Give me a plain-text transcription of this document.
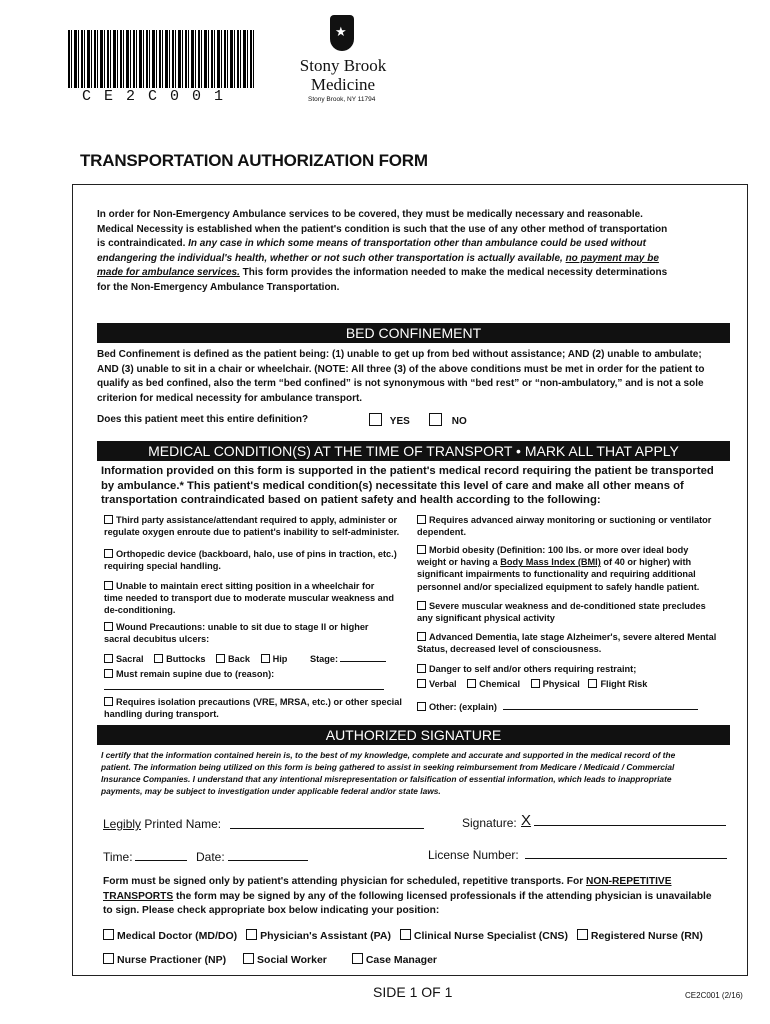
CE2C001
★
Stony Brook
Medicine
Stony Brook, NY 11794
TRANSPORTATION AUTHORIZATION FORM
In order for Non-Emergency Ambulance services to be covered, they must be medically necessary and reasonable. Medical Necessity is established when the patient's condition is such that the use of any other method of transportation is contraindicated. In any case in which some means of transportation other than ambulance could be used without endangering the individual's health, whether or not such other transportation is actually available, no payment may be made for ambulance services. This form provides the information needed to make the medical necessity determinations for the Non-Emergency Ambulance Transportation.
BED CONFINEMENT
Bed Confinement is defined as the patient being: (1) unable to get up from bed without assistance; AND (2) unable to ambulate; AND (3) unable to sit in a chair or wheelchair. (NOTE: All three (3) of the above conditions must be met in order for the patient to qualify as bed confined, also the term “bed confined” is not synonymous with “bed rest” or “non-ambulatory,” and is not a sole criterion for medical necessity for ambulance transport.
Does this patient meet this entire definition?	YES	NO
MEDICAL CONDITION(S) AT THE TIME OF TRANSPORT • MARK ALL THAT APPLY
Information provided on this form is supported in the patient's medical record requiring the patient be transported by ambulance.* This patient's medical condition(s) necessitate this level of care and make all other means of transportation contraindicated based on patient safety and health according to the following:
Third party assistance/attendant required to apply, administer or regulate oxygen enroute due to patient's inability to self-administer.
Orthopedic device (backboard, halo, use of pins in traction, etc.) requiring special handling.
Unable to maintain erect sitting position in a wheelchair for time needed to transport due to moderate muscular weakness and de-conditioning.
Wound Precautions: unable to sit due to stage II or higher sacral decubitus ulcers:
Sacral Buttocks Back Hip Stage:
Must remain supine due to (reason):
Requires isolation precautions (VRE, MRSA, etc.) or other special handling during transport.
Requires advanced airway monitoring or suctioning or ventilator dependent.
Morbid obesity (Definition: 100 lbs. or more over ideal body weight or having a Body Mass Index (BMI) of 40 or higher) with significant impairments to functionality and requiring additional personnel and/or specialized equipment to safely handle patient.
Severe muscular weakness and de-conditioned state precludes any significant physical activity
Advanced Dementia, late stage Alzheimer's, severe altered Mental Status, decreased level of consciousness.
Danger to self and/or others requiring restraint;
Verbal Chemical Physical Flight Risk
Other: (explain)
AUTHORIZED SIGNATURE
I certify that the information contained herein is, to the best of my knowledge, complete and accurate and supported in the medical record of the patient. The information being utilized on this form is being gathered to assist in seeking reimbursement from Medicare / Medicaid / Commercial Insurance Companies. I understand that any intentional misrepresentation or falsification of essential information, which leads to inappropriate payments, may be subject to investigation under applicable federal and/or state laws.
Legibly Printed Name:	Signature: X
Time:	Date:	License Number:
Form must be signed only by patient's attending physician for scheduled, repetitive transports. For NON-REPETITIVE TRANSPORTS the form may be signed by any of the following licensed professionals if the attending physician is unavailable to sign. Please check appropriate box below indicating your position:
Medical Doctor (MD/DO) Physician's Assistant (PA) Clinical Nurse Specialist (CNS) Registered Nurse (RN)
Nurse Practioner (NP)	Social Worker	Case Manager
SIDE 1 OF 1	CE2C001 (2/16)
